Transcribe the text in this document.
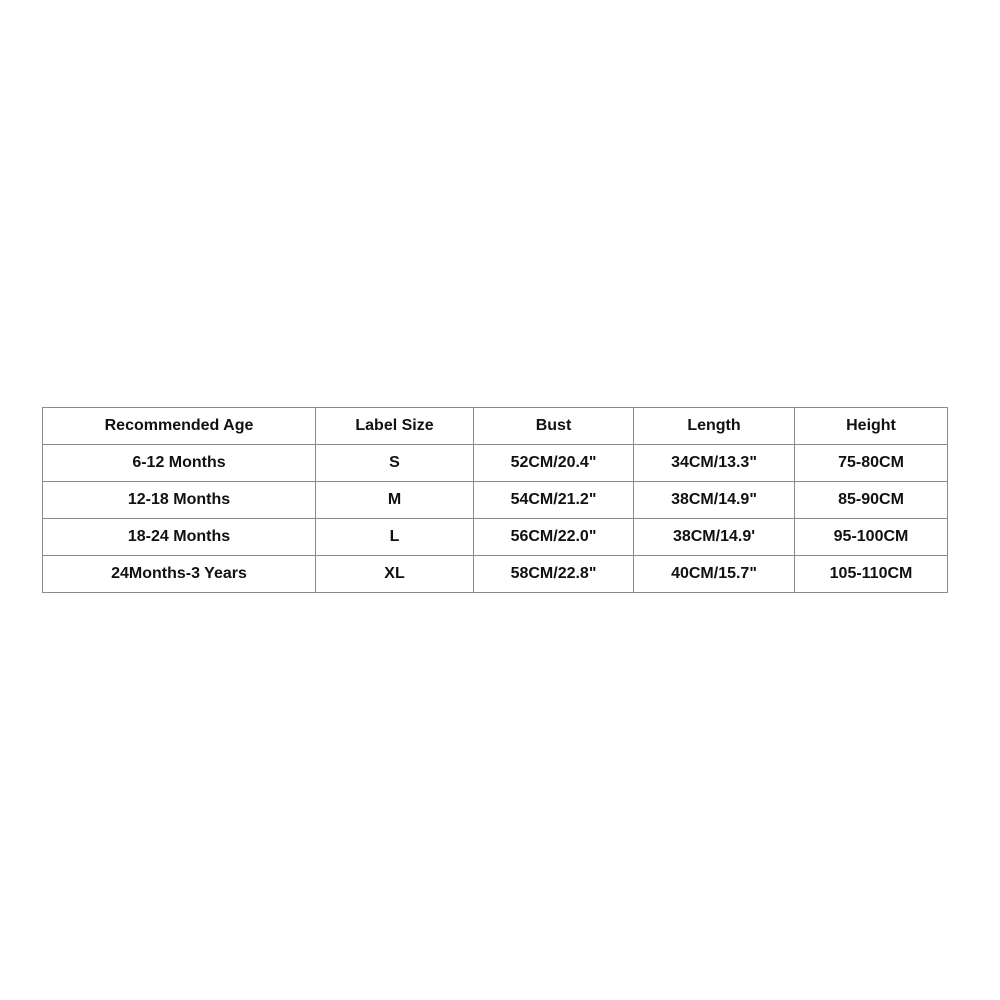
Recommended Age	Label Size	Bust	Length	Height
6-12 Months	S	52CM/20.4"	34CM/13.3"	75-80CM
12-18 Months	M	54CM/21.2"	38CM/14.9"	85-90CM
18-24 Months	L	56CM/22.0"	38CM/14.9'	95-100CM
24Months-3 Years	XL	58CM/22.8"	40CM/15.7"	105-110CM
